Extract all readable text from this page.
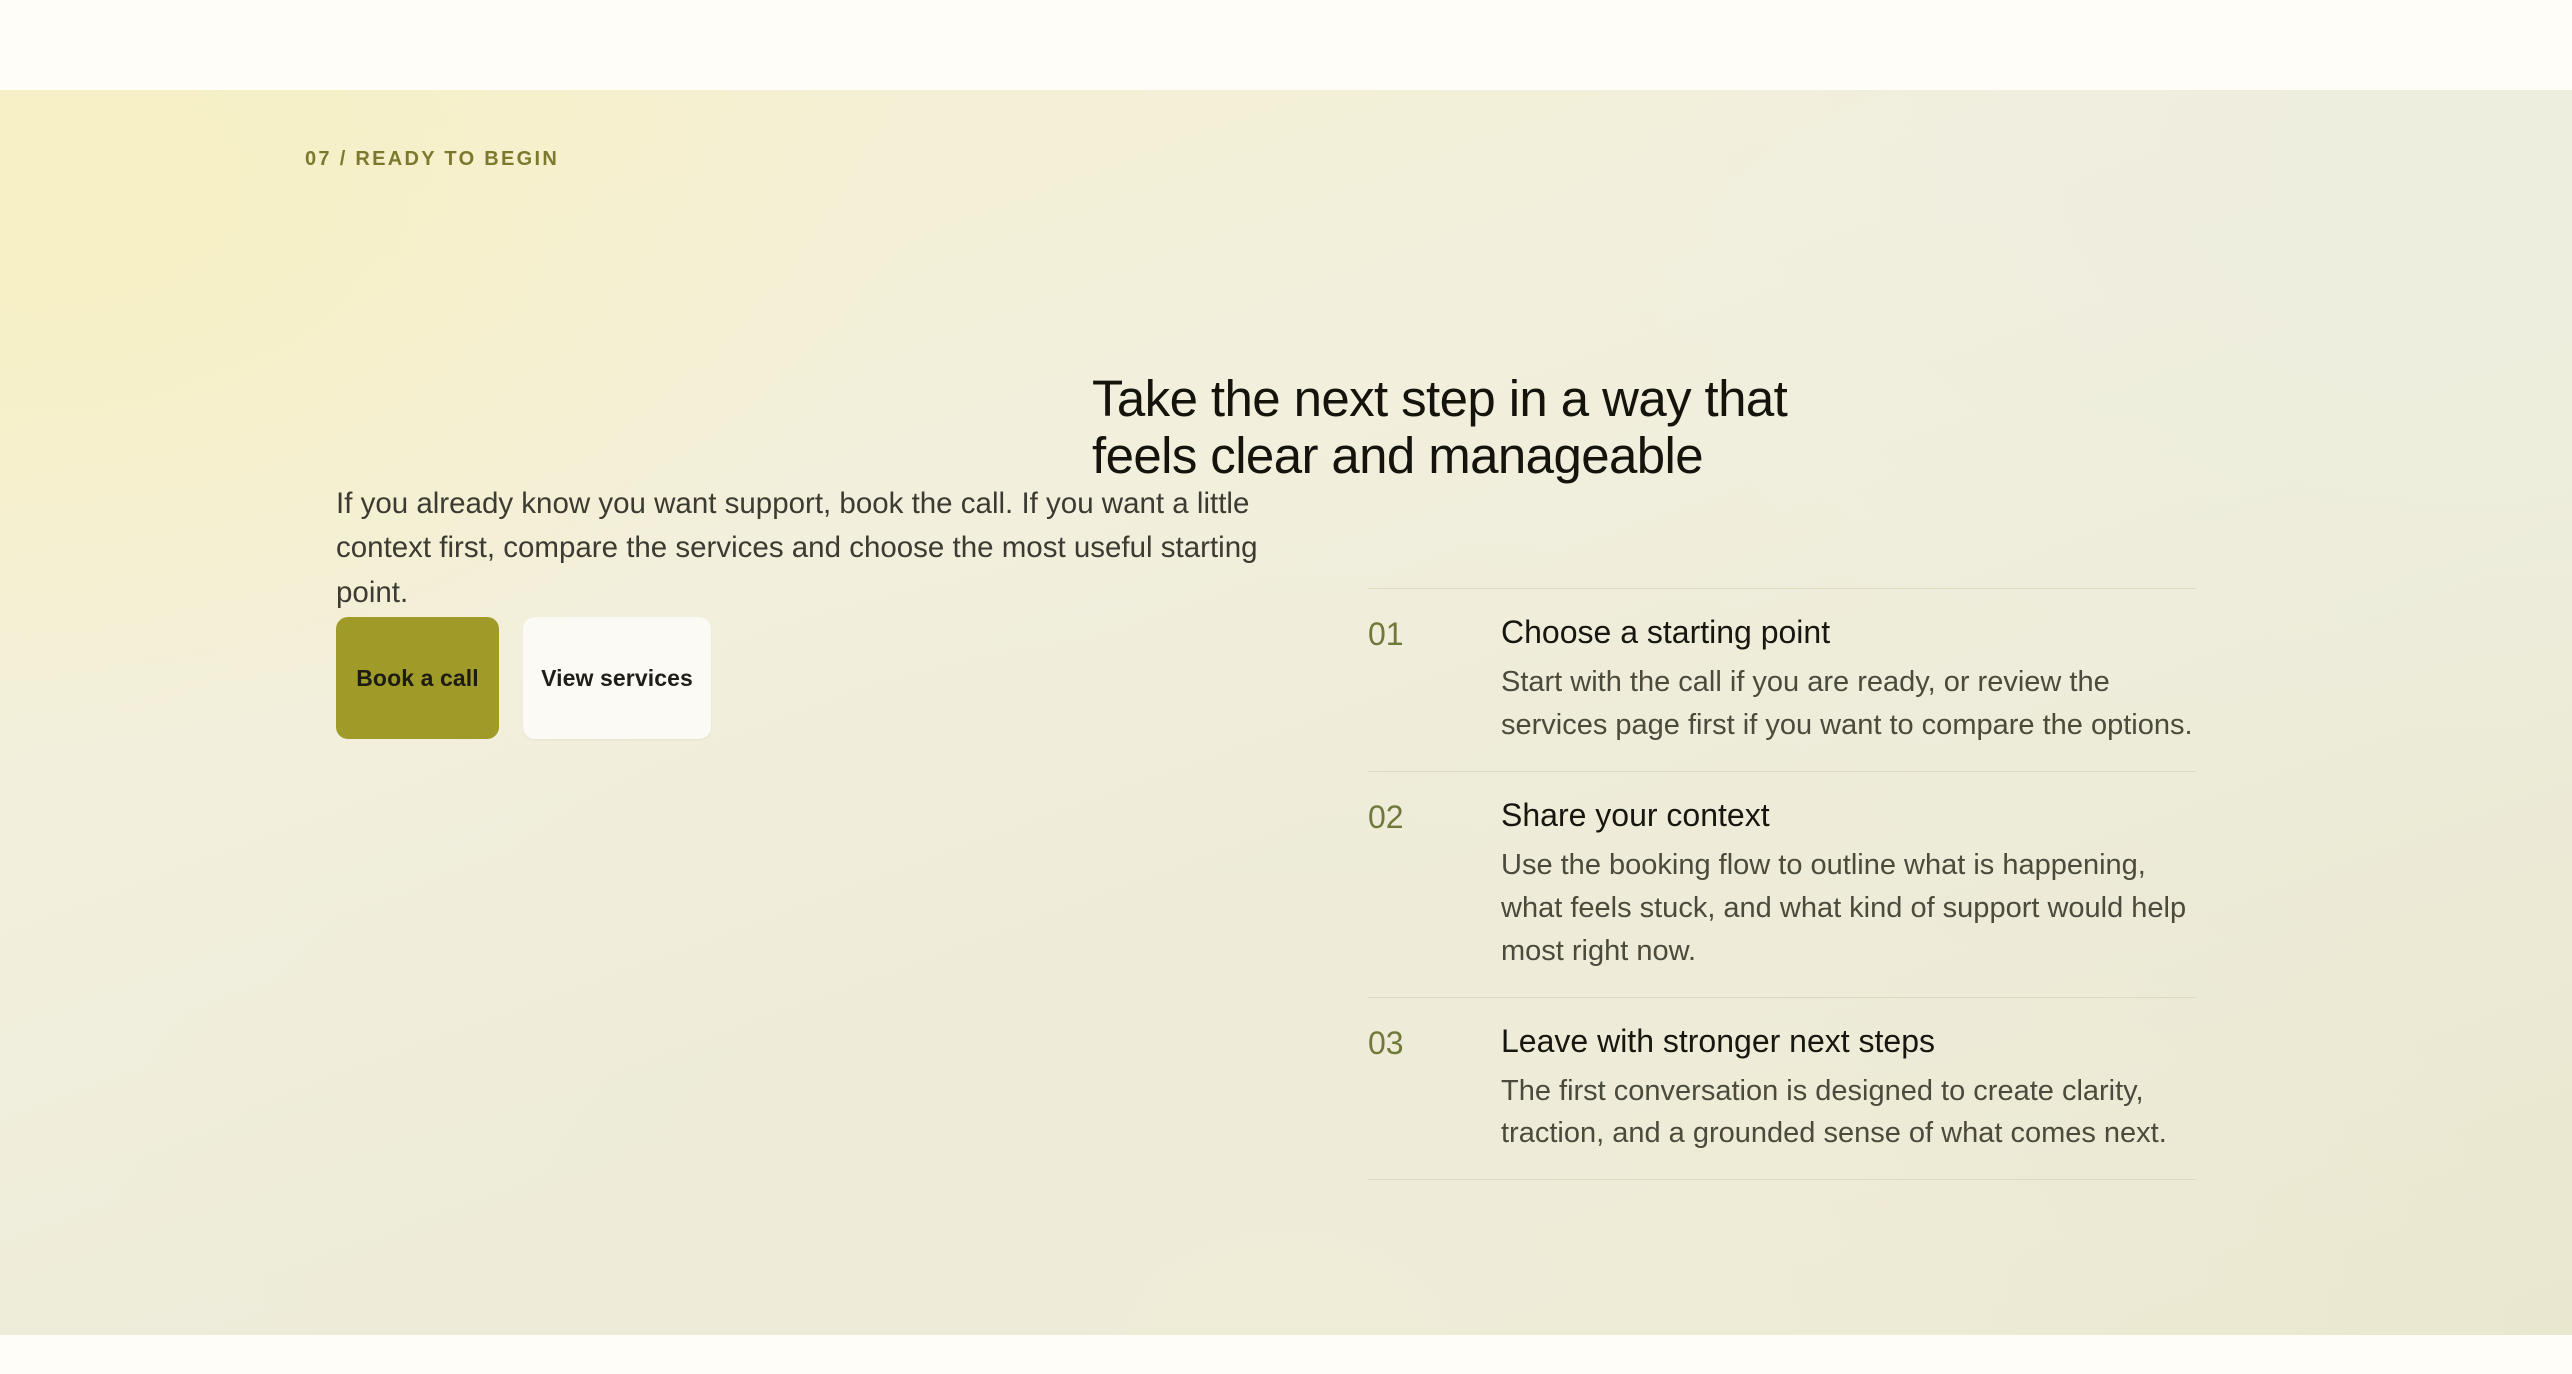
07 / READY TO BEGIN
Take the next step in a way that feels clear and manageable

If you already know you want support, book the call. If you want a little context first, compare the services and choose the most useful starting point.

Book a call	View services
01	Choose a starting point
Start with the call if you are ready, or review the services page first if you want to compare the options.
02	Share your context
Use the booking flow to outline what is happening, what feels stuck, and what kind of support would help most right now.
03	Leave with stronger next steps
The first conversation is designed to create clarity, traction, and a grounded sense of what comes next.
